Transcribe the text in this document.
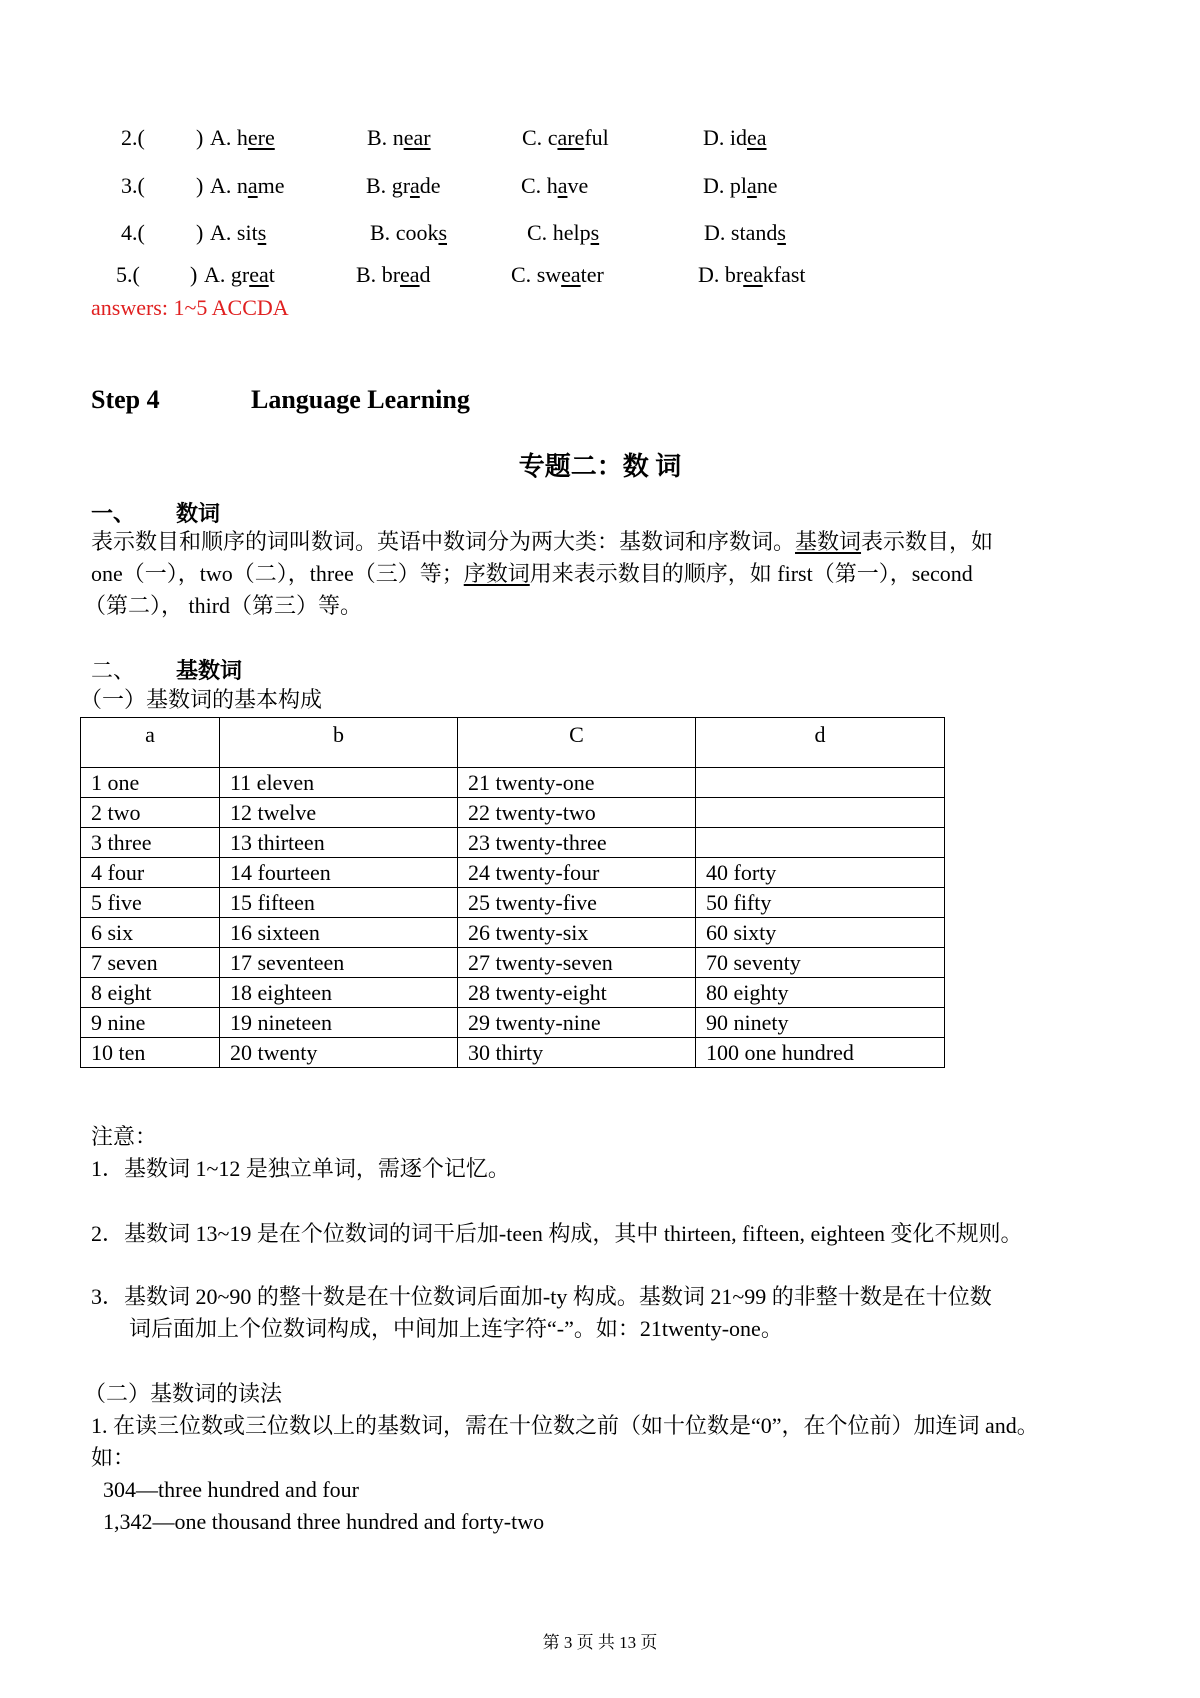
2.( ) A. here	B. near	C. careful	D. idea
3.( ) A. name	B. grade	C. have	D. plane
4.( ) A. sits	B. cooks	C. helps	D. stands
5.( ) A. great	B. bread	C. sweater	D. breakfast
answers: 1~5 ACCDA
Step 4	Language Learning
专题二：数 词
一、 数词
表示数目和顺序的词叫数词。英语中数词分为两大类：基数词和序数词。基数词表示数目，如
one（一），two（二），three（三）等；序数词用来表示数目的顺序，如 first（第一），second
（第二）， third（第三）等。
二、 基数词
（一）基数词的基本构成
a	b	C	d
1 one	11 eleven	21 twenty-one	
2 two	12 twelve	22 twenty-two	
3 three	13 thirteen	23 twenty-three	
4 four	14 fourteen	24 twenty-four	40 forty
5 five	15 fifteen	25 twenty-five	50 fifty
6 six	16 sixteen	26 twenty-six	60 sixty
7 seven	17 seventeen	27 twenty-seven	70 seventy
8 eight	18 eighteen	28 twenty-eight	80 eighty
9 nine	19 nineteen	29 twenty-nine	90 ninety
10 ten	20 twenty	30 thirty	100 one hundred
注意：
1．基数词 1~12 是独立单词，需逐个记忆。
2．基数词 13~19 是在个位数词的词干后加-teen 构成，其中 thirteen, fifteen, eighteen 变化不规则。
3．基数词 20~90 的整十数是在十位数词后面加-ty 构成。基数词 21~99 的非整十数是在十位数
词后面加上个位数词构成，中间加上连字符“-”。如：21twenty-one。
（二）基数词的读法
1. 在读三位数或三位数以上的基数词，需在十位数之前（如十位数是“0”，在个位前）加连词 and。
如：
304—three hundred and four
1,342—one thousand three hundred and forty-two
第 3 页 共 13 页
